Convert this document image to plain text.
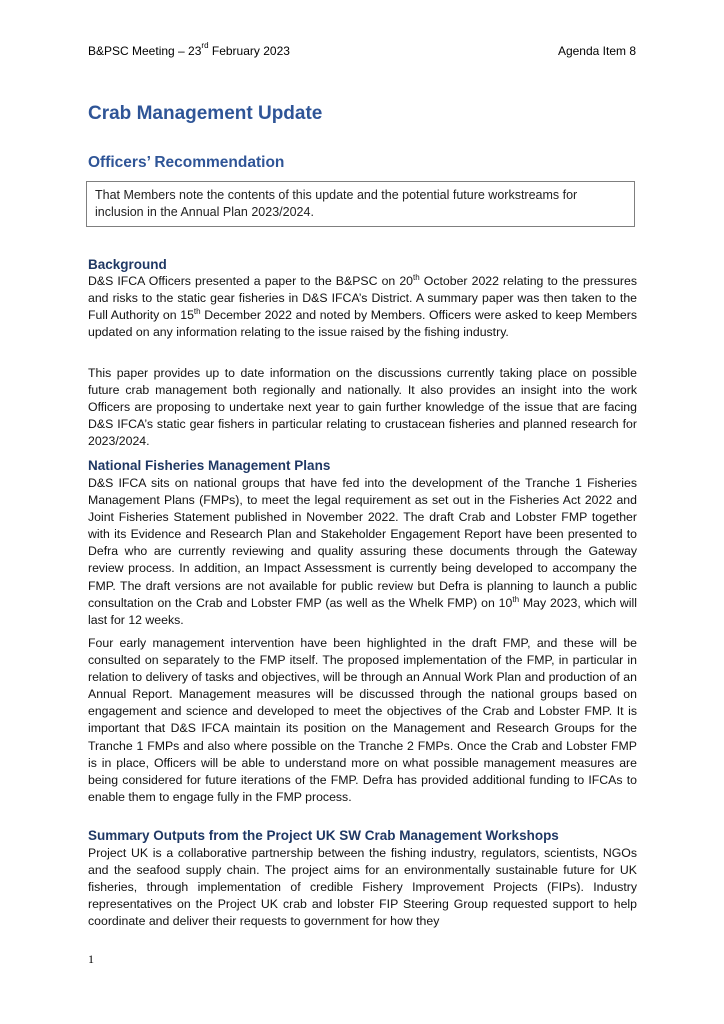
B&PSC Meeting – 23rd February 2023	Agenda Item 8
Crab Management Update
Officers’ Recommendation
That Members note the contents of this update and the potential future workstreams for inclusion in the Annual Plan 2023/2024.
Background

D&S IFCA Officers presented a paper to the B&PSC on 20th October 2022 relating to the pressures and risks to the static gear fisheries in D&S IFCA’s District. A summary paper was then taken to the Full Authority on 15th December 2022 and noted by Members. Officers were asked to keep Members updated on any information relating to the issue raised by the fishing industry.

This paper provides up to date information on the discussions currently taking place on possible future crab management both regionally and nationally. It also provides an insight into the work Officers are proposing to undertake next year to gain further knowledge of the issue that are facing D&S IFCA’s static gear fishers in particular relating to crustacean fisheries and planned research for 2023/2024.

National Fisheries Management Plans

D&S IFCA sits on national groups that have fed into the development of the Tranche 1 Fisheries Management Plans (FMPs), to meet the legal requirement as set out in the Fisheries Act 2022 and Joint Fisheries Statement published in November 2022. The draft Crab and Lobster FMP together with its Evidence and Research Plan and Stakeholder Engagement Report have been presented to Defra who are currently reviewing and quality assuring these documents through the Gateway review process. In addition, an Impact Assessment is currently being developed to accompany the FMP. The draft versions are not available for public review but Defra is planning to launch a public consultation on the Crab and Lobster FMP (as well as the Whelk FMP) on 10th May 2023, which will last for 12 weeks.

Four early management intervention have been highlighted in the draft FMP, and these will be consulted on separately to the FMP itself. The proposed implementation of the FMP, in particular in relation to delivery of tasks and objectives, will be through an Annual Work Plan and production of an Annual Report. Management measures will be discussed through the national groups based on engagement and science and developed to meet the objectives of the Crab and Lobster FMP. It is important that D&S IFCA maintain its position on the Management and Research Groups for the Tranche 1 FMPs and also where possible on the Tranche 2 FMPs. Once the Crab and Lobster FMP is in place, Officers will be able to understand more on what possible management measures are being considered for future iterations of the FMP. Defra has provided additional funding to IFCAs to enable them to engage fully in the FMP process.

Summary Outputs from the Project UK SW Crab Management Workshops

Project UK is a collaborative partnership between the fishing industry, regulators, scientists, NGOs and the seafood supply chain. The project aims for an environmentally sustainable future for UK fisheries, through implementation of credible Fishery Improvement Projects (FIPs). Industry representatives on the Project UK crab and lobster FIP Steering Group requested support to help coordinate and deliver their requests to government for how they

1
